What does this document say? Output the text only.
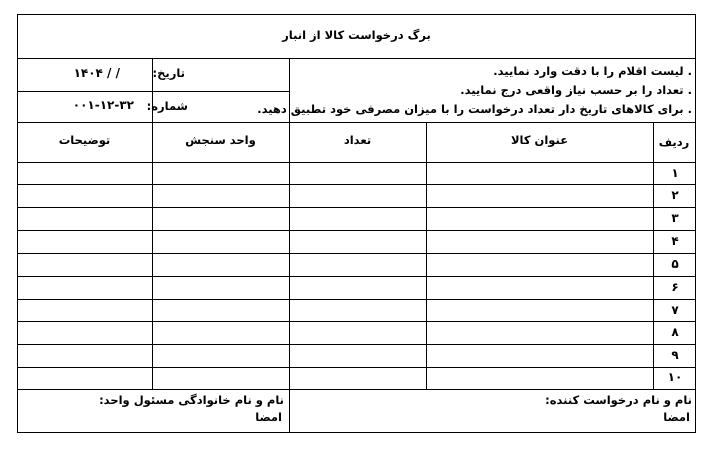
برگ درخواست کالا از انبار
تاریخ:
/ / ۱۴۰۴
شماره:
۰۰۱-۱۲-۳۲
. لیست اقلام را با دقت وارد نمایید.
. تعداد را بر حسب نیاز واقعی درج نمایید.
. برای کالاهای تاریخ دار تعداد درخواست را با میزان مصرفی خود تطبیق دهید.
ردیف
عنوان کالا
تعداد
واحد سنجش
توضیحات
۱
۲
۳
۴
۵
۶
۷
۸
۹
۱۰
نام و نام درخواست کننده:
امضا
نام و نام خانوادگی مسئول واحد:
امضا
